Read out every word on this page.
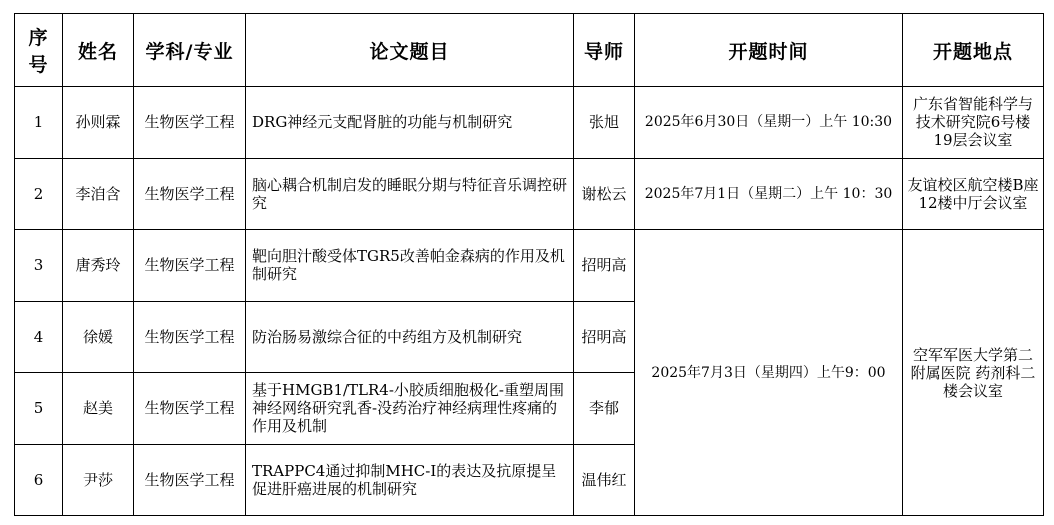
序号	姓名	学科/专业	论文题目	导师	开题时间	开题地点
1	孙则霖	生物医学工程	DRG神经元支配肾脏的功能与机制研究	张旭	2025年6月30日（星期一）上午 10:30	广东省智能科学与技术研究院6号楼19层会议室
2	李洎含	生物医学工程	脑心耦合机制启发的睡眠分期与特征音乐调控研究	谢松云	2025年7月1日（星期二）上午 10：30	友谊校区航空楼B座12楼中厅会议室
3	唐秀玲	生物医学工程	靶向胆汁酸受体TGR5改善帕金森病的作用及机制研究	招明高	2025年7月3日（星期四）上午9：00	空军军医大学第二附属医院 药剂科二楼会议室
4	徐媛	生物医学工程	防治肠易激综合征的中药组方及机制研究	招明高		
5	赵美	生物医学工程	基于HMGB1/TLR4-小胶质细胞极化-重塑周围神经网络研究乳香-没药治疗神经病理性疼痛的作用及机制	李郁		
6	尹莎	生物医学工程	TRAPPC4通过抑制MHC-I的表达及抗原提呈促进肝癌进展的机制研究	温伟红		
